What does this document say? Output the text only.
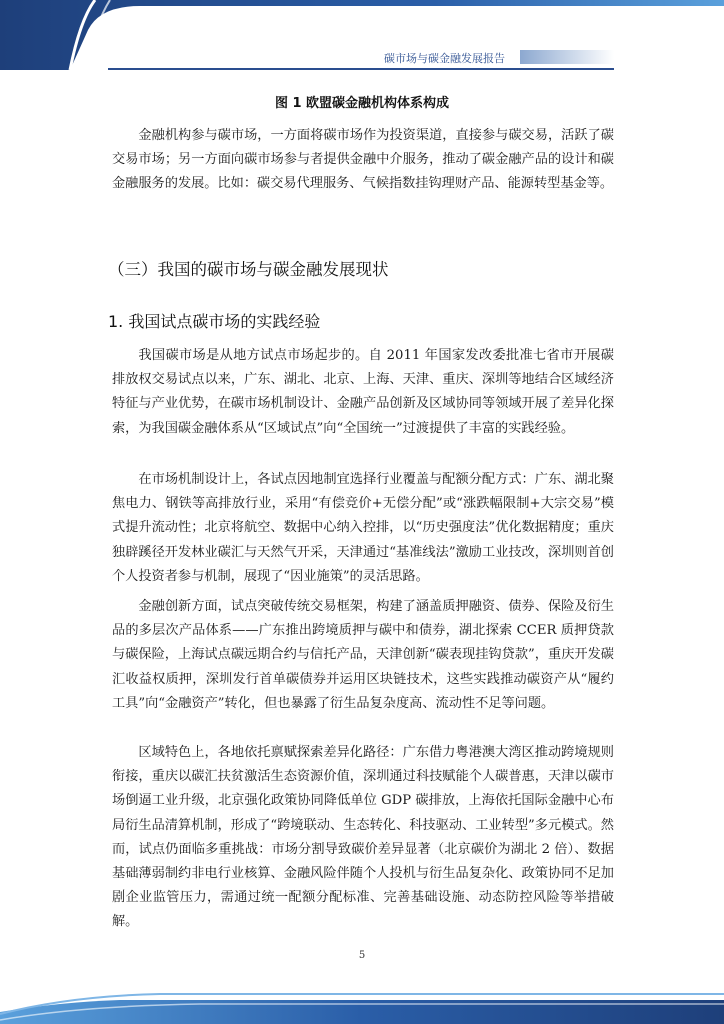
碳市场与碳金融发展报告
图 1 欧盟碳金融机构体系构成

金融机构参与碳市场，一方面将碳市场作为投资渠道，直接参与碳交易，活跃了碳交易市场；另一方面向碳市场参与者提供金融中介服务，推动了碳金融产品的设计和碳金融服务的发展。比如：碳交易代理服务、气候指数挂钩理财产品、能源转型基金等。

（三）我国的碳市场与碳金融发展现状
1. 我国试点碳市场的实践经验

我国碳市场是从地方试点市场起步的。自 2011 年国家发改委批准七省市开展碳排放权交易试点以来，广东、湖北、北京、上海、天津、重庆、深圳等地结合区域经济特征与产业优势，在碳市场机制设计、金融产品创新及区域协同等领域开展了差异化探索，为我国碳金融体系从“区域试点”向“全国统一”过渡提供了丰富的实践经验。

在市场机制设计上，各试点因地制宜选择行业覆盖与配额分配方式：广东、湖北聚焦电力、钢铁等高排放行业，采用“有偿竞价+无偿分配”或“涨跌幅限制+大宗交易”模式提升流动性；北京将航空、数据中心纳入控排，以“历史强度法”优化数据精度；重庆独辟蹊径开发林业碳汇与天然气开采，天津通过“基准线法”激励工业技改，深圳则首创个人投资者参与机制，展现了“因业施策”的灵活思路。

金融创新方面，试点突破传统交易框架，构建了涵盖质押融资、债券、保险及衍生品的多层次产品体系——广东推出跨境质押与碳中和债券，湖北探索 CCER 质押贷款与碳保险，上海试点碳远期合约与信托产品，天津创新“碳表现挂钩贷款”，重庆开发碳汇收益权质押，深圳发行首单碳债券并运用区块链技术，这些实践推动碳资产从“履约工具”向“金融资产”转化，但也暴露了衍生品复杂度高、流动性不足等问题。

区域特色上，各地依托禀赋探索差异化路径：广东借力粤港澳大湾区推动跨境规则衔接，重庆以碳汇扶贫激活生态资源价值，深圳通过科技赋能个人碳普惠，天津以碳市场倒逼工业升级，北京强化政策协同降低单位 GDP 碳排放，上海依托国际金融中心布局衍生品清算机制，形成了“跨境联动、生态转化、科技驱动、工业转型”多元模式。然而，试点仍面临多重挑战：市场分割导致碳价差异显著（北京碳价为湖北 2 倍）、数据基础薄弱制约非电行业核算、金融风险伴随个人投机与衍生品复杂化、政策协同不足加剧企业监管压力，需通过统一配额分配标准、完善基础设施、动态防控风险等举措破解。

5
